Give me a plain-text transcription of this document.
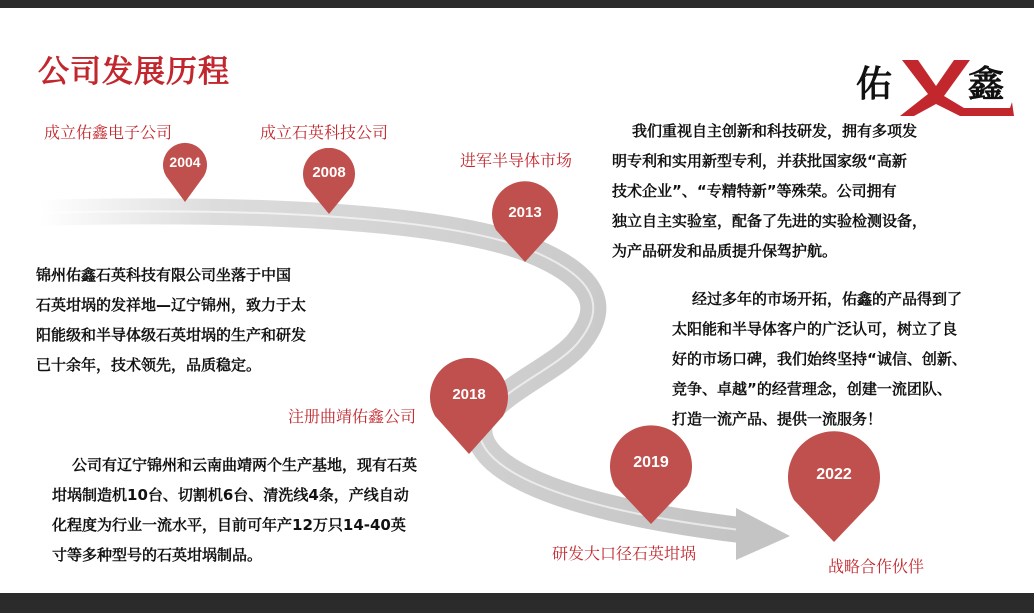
公司发展历程	佑 鑫
成立佑鑫电子公司	成立石英科技公司
进军半导体市场
注册曲靖佑鑫公司
研发大口径石英坩埚
战略合作伙伴
2004
2008
2013
2018
2019
2022
锦州佑鑫石英科技有限公司坐落于中国
石英坩埚的发祥地—辽宁锦州，致力于太
阳能级和半导体级石英坩埚的生产和研发
已十余年，技术领先，品质稳定。
我们重视自主创新和科技研发，拥有多项发
明专利和实用新型专利，并获批国家级“高新
技术企业”、“专精特新”等殊荣。公司拥有
独立自主实验室，配备了先进的实验检测设备，
为产品研发和品质提升保驾护航。
经过多年的市场开拓，佑鑫的产品得到了
太阳能和半导体客户的广泛认可，树立了良
好的市场口碑，我们始终坚持“诚信、创新、
竞争、卓越”的经营理念，创建一流团队、
打造一流产品、提供一流服务！
公司有辽宁锦州和云南曲靖两个生产基地，现有石英
坩埚制造机10台、切割机6台、清洗线4条，产线自动
化程度为行业一流水平，目前可年产12万只14-40英
寸等多种型号的石英坩埚制品。
